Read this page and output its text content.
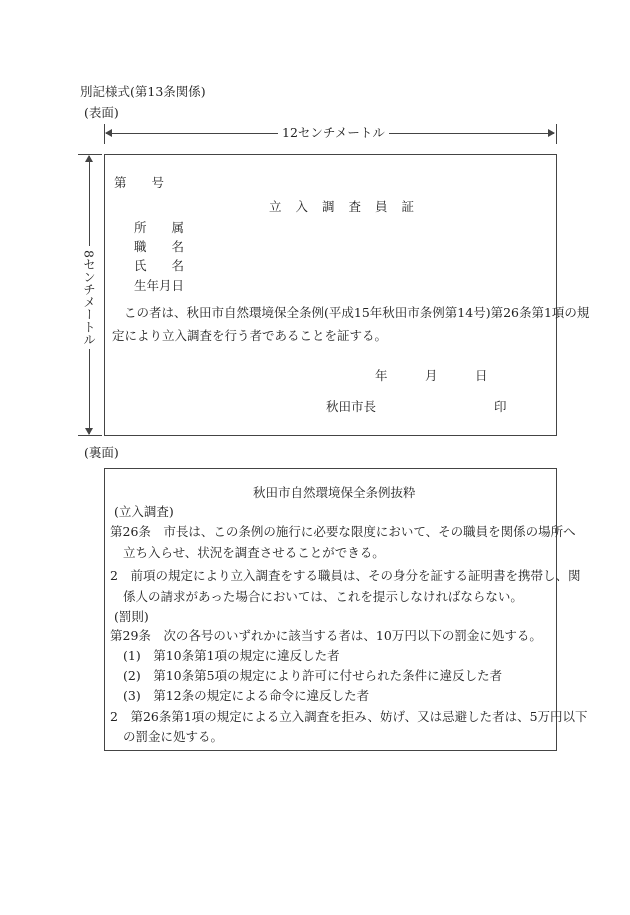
別記様式(第13条関係)
(表面)
12センチメートル
8センチメートル
第　　号
立入調査員証
所　　属
職　　名
氏　　名
生年月日
この者は、秋田市自然環境保全条例(平成15年秋田市条例第14号)第26条第1項の規
定により立入調査を行う者であることを証する。
年　　　月　　　日
秋田市長	印
(裏面)
秋田市自然環境保全条例抜粋
(立入調査)
第26条　市長は、この条例の施行に必要な限度において、その職員を関係の場所へ
立ち入らせ、状況を調査させることができる。
2　前項の規定により立入調査をする職員は、その身分を証する証明書を携帯し、関
係人の請求があった場合においては、これを提示しなければならない。
(罰則)
第29条　次の各号のいずれかに該当する者は、10万円以下の罰金に処する。
(1)　第10条第1項の規定に違反した者
(2)　第10条第5項の規定により許可に付せられた条件に違反した者
(3)　第12条の規定による命令に違反した者
2　第26条第1項の規定による立入調査を拒み、妨げ、又は忌避した者は、5万円以下
の罰金に処する。
